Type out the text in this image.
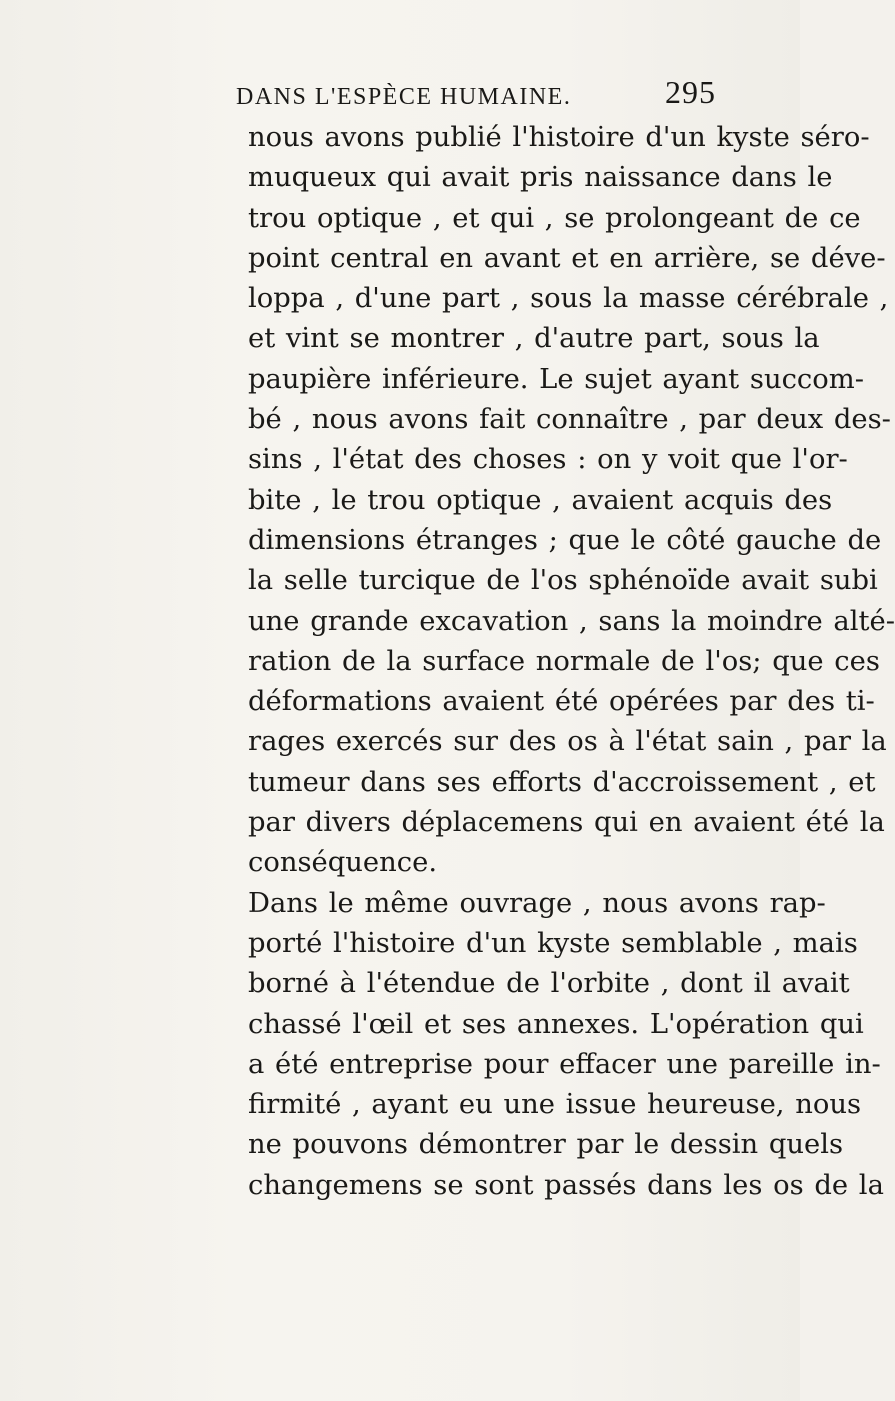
DANS L'ESPÈCE HUMAINE.	295
nous avons publié l'histoire d'un kyste séro-
muqueux qui avait pris naissance dans le
trou optique , et qui , se prolongeant de ce
point central en avant et en arrière, se déve-
loppa , d'une part , sous la masse cérébrale ,
et vint se montrer , d'autre part, sous la
paupière inférieure. Le sujet ayant succom-
bé , nous avons fait connaître , par deux des-
sins , l'état des choses : on y voit que l'or-
bite , le trou optique , avaient acquis des
dimensions étranges ; que le côté gauche de
la selle turcique de l'os sphénoïde avait subi
une grande excavation , sans la moindre alté-
ration de la surface normale de l'os; que ces
déformations avaient été opérées par des ti-
rages exercés sur des os à l'état sain , par la
tumeur dans ses efforts d'accroissement , et
par divers déplacemens qui en avaient été la
conséquence.
Dans le même ouvrage , nous avons rap-
porté l'histoire d'un kyste semblable , mais
borné à l'étendue de l'orbite , dont il avait
chassé l'œil et ses annexes. L'opération qui
a été entreprise pour effacer une pareille in-
firmité , ayant eu une issue heureuse, nous
ne pouvons démontrer par le dessin quels
changemens se sont passés dans les os de la
